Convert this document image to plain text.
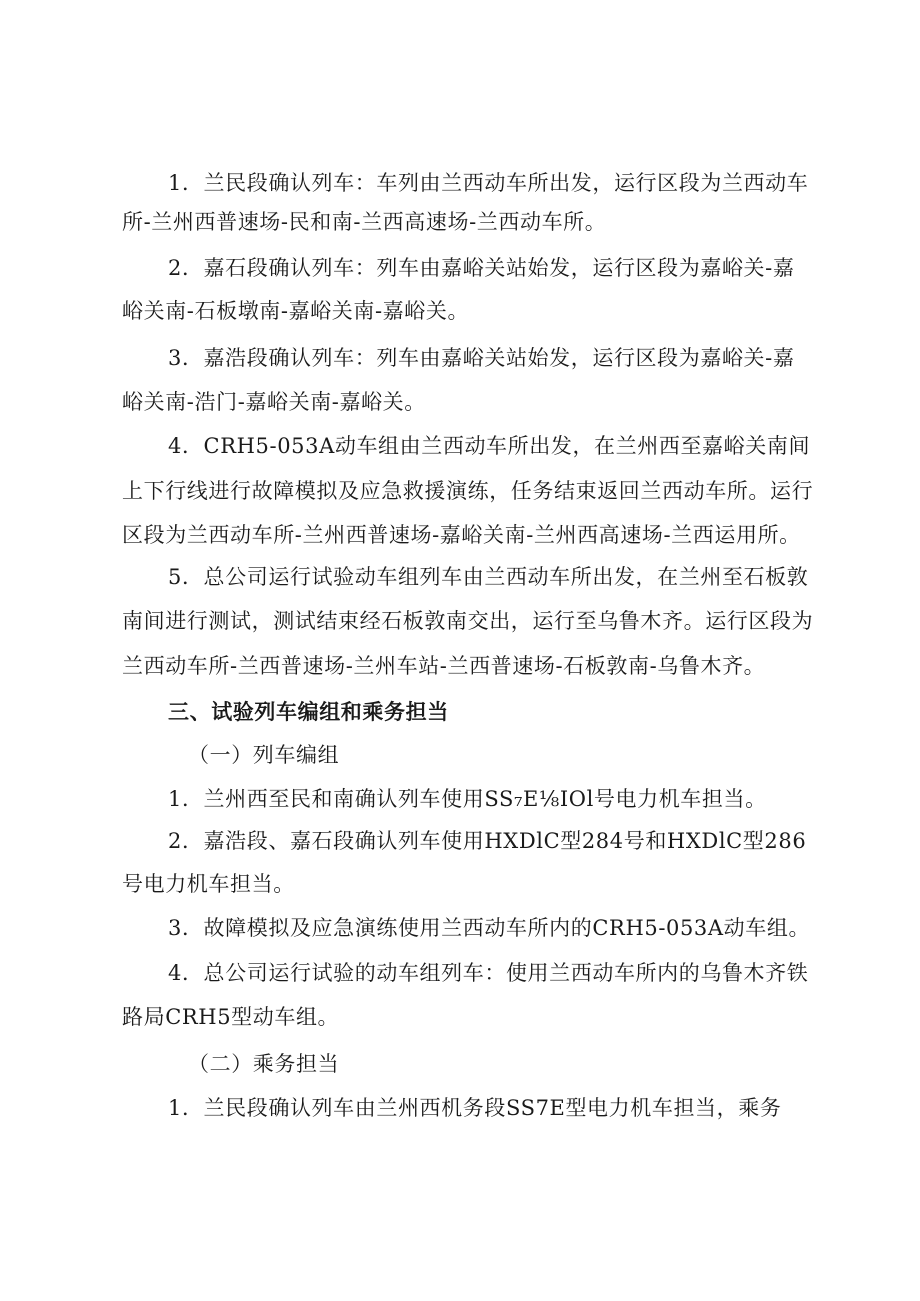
1．兰民段确认列车：车列由兰西动车所出发，运行区段为兰西动车

所-兰州西普速场-民和南-兰西高速场-兰西动车所。

2．嘉石段确认列车：列车由嘉峪关站始发，运行区段为嘉峪关-嘉

峪关南-石板墩南-嘉峪关南-嘉峪关。

3．嘉浩段确认列车：列车由嘉峪关站始发，运行区段为嘉峪关-嘉

峪关南-浩门-嘉峪关南-嘉峪关。

4．CRH5-053A动车组由兰西动车所出发，在兰州西至嘉峪关南间

上下行线进行故障模拟及应急救援演练，任务结束返回兰西动车所。运行

区段为兰西动车所-兰州西普速场-嘉峪关南-兰州西高速场-兰西运用所。

5．总公司运行试验动车组列车由兰西动车所出发，在兰州至石板敦

南间进行测试，测试结束经石板敦南交出，运行至乌鲁木齐。运行区段为

兰西动车所-兰西普速场-兰州车站-兰西普速场-石板敦南-乌鲁木齐。

三、试验列车编组和乘务担当

（一）列车编组

1．兰州西至民和南确认列车使用SS₇E⅛IOl号电力机车担当。

2．嘉浩段、嘉石段确认列车使用HXDlC型284号和HXDlC型286

号电力机车担当。

3．故障模拟及应急演练使用兰西动车所内的CRH5-053A动车组。

4．总公司运行试验的动车组列车：使用兰西动车所内的乌鲁木齐铁

路局CRH5型动车组。

（二）乘务担当

1．兰民段确认列车由兰州西机务段SS7E型电力机车担当，乘务
